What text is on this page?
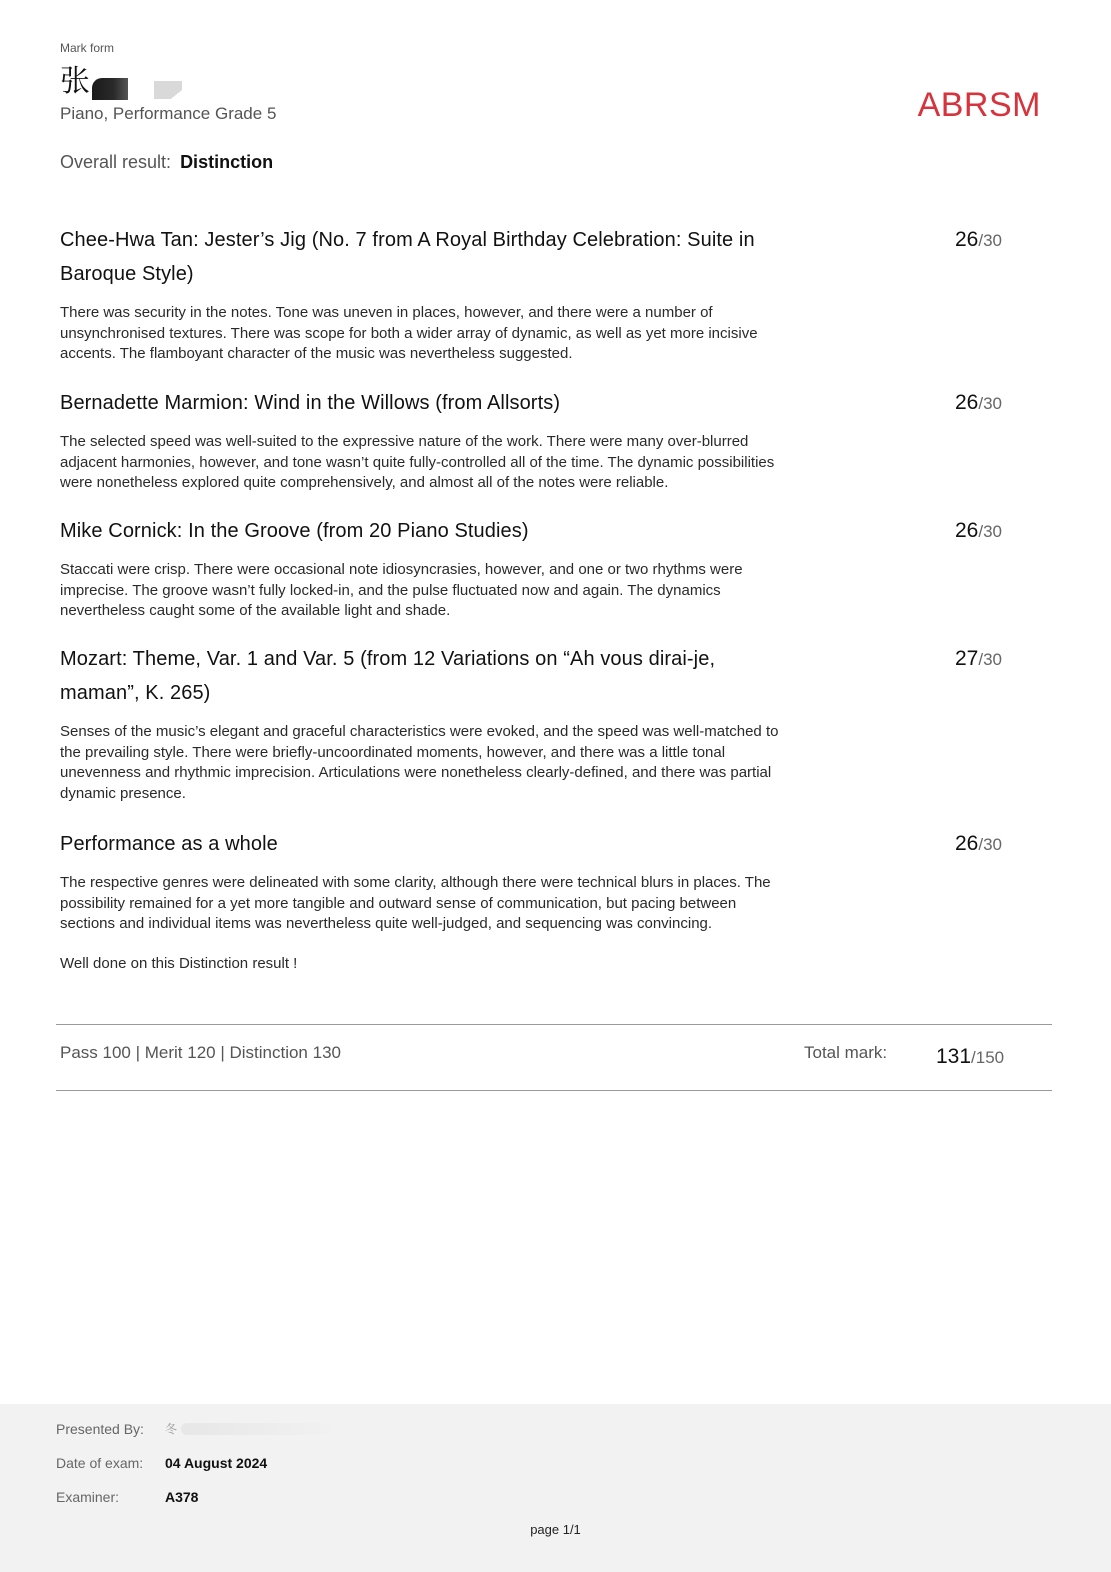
Mark form
张
Piano, Performance Grade 5	ABRSM
Overall result: Distinction
Chee-Hwa Tan: Jester’s Jig (No. 7 from A Royal Birthday Celebration: Suite in Baroque Style)
26/30
There was security in the notes. Tone was uneven in places, however, and there were a number of unsynchronised textures. There was scope for both a wider array of dynamic, as well as yet more incisive accents. The flamboyant character of the music was nevertheless suggested.
Bernadette Marmion: Wind in the Willows (from Allsorts)	26/30
The selected speed was well-suited to the expressive nature of the work. There were many over-blurred adjacent harmonies, however, and tone wasn’t quite fully-controlled all of the time. The dynamic possibilities were nonetheless explored quite comprehensively, and almost all of the notes were reliable.
Mike Cornick: In the Groove (from 20 Piano Studies)	26/30
Staccati were crisp. There were occasional note idiosyncrasies, however, and one or two rhythms were imprecise. The groove wasn’t fully locked-in, and the pulse fluctuated now and again. The dynamics nevertheless caught some of the available light and shade.
Mozart: Theme, Var. 1 and Var. 5 (from 12 Variations on “Ah vous dirai-je, maman”, K. 265)
27/30
Senses of the music’s elegant and graceful characteristics were evoked, and the speed was well-matched to the prevailing style. There were briefly-uncoordinated moments, however, and there was a little tonal unevenness and rhythmic imprecision. Articulations were nonetheless clearly-defined, and there was partial dynamic presence.
Performance as a whole	26/30
The respective genres were delineated with some clarity, although there were technical blurs in places. The possibility remained for a yet more tangible and outward sense of communication, but pacing between sections and individual items was nevertheless quite well-judged, and sequencing was convincing.
Well done on this Distinction result !
Pass 100 | Merit 120 | Distinction 130	Total mark: 131/150
Presented By:	冬
Date of exam:	04 August 2024
Examiner:	A378
page 1/1
